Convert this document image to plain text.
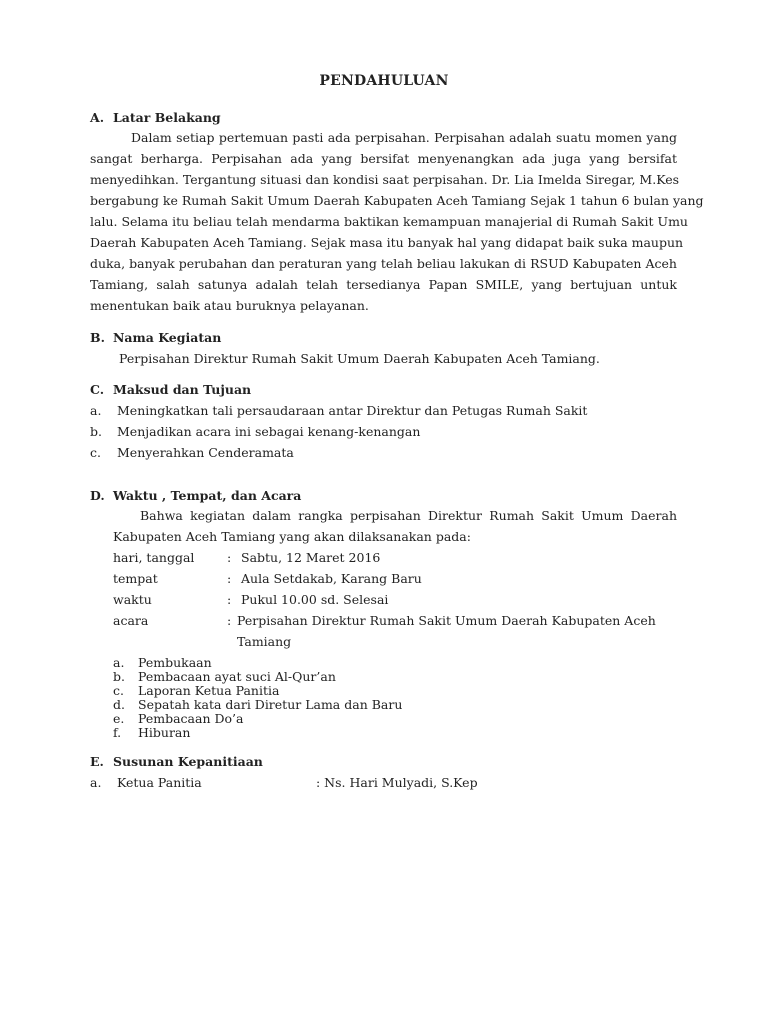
PENDAHULUAN
A. Latar Belakang
Dalam setiap pertemuan pasti ada perpisahan. Perpisahan adalah suatu momen yang
sangat berharga. Perpisahan ada yang bersifat menyenangkan ada juga yang bersifat
menyedihkan. Tergantung situasi dan kondisi saat perpisahan. Dr. Lia Imelda Siregar, M.Kes
bergabung ke Rumah Sakit Umum Daerah Kabupaten Aceh Tamiang Sejak 1 tahun 6 bulan yang
lalu. Selama itu beliau telah mendarma baktikan kemampuan manajerial di Rumah Sakit Umu
Daerah Kabupaten Aceh Tamiang. Sejak masa itu banyak hal yang didapat baik suka maupun
duka, banyak perubahan dan peraturan yang telah beliau lakukan di RSUD Kabupaten Aceh
Tamiang, salah satunya adalah telah tersedianya Papan SMILE, yang bertujuan untuk
menentukan baik atau buruknya pelayanan.
B. Nama Kegiatan
Perpisahan Direktur Rumah Sakit Umum Daerah Kabupaten Aceh Tamiang.
C. Maksud dan Tujuan
a. Meningkatkan tali persaudaraan antar Direktur dan Petugas Rumah Sakit
b. Menjadikan acara ini sebagai kenang-kenangan
c. Menyerahkan Cenderamata
D. Waktu , Tempat, dan Acara
Bahwa kegiatan dalam rangka perpisahan Direktur Rumah Sakit Umum Daerah
Kabupaten Aceh Tamiang yang akan dilaksanakan pada:
hari, tanggal	: Sabtu, 12 Maret 2016
tempat	: Aula Setdakab, Karang Baru
waktu	: Pukul 10.00 sd. Selesai
acara	: Perpisahan Direktur Rumah Sakit Umum Daerah Kabupaten Aceh
Tamiang
a. Pembukaan
b. Pembacaan ayat suci Al-Qur’an
c. Laporan Ketua Panitia
d. Sepatah kata dari Diretur Lama dan Baru
e. Pembacaan Do’a
f. Hiburan
E. Susunan Kepanitiaan
a. Ketua Panitia	: Ns. Hari Mulyadi, S.Kep
